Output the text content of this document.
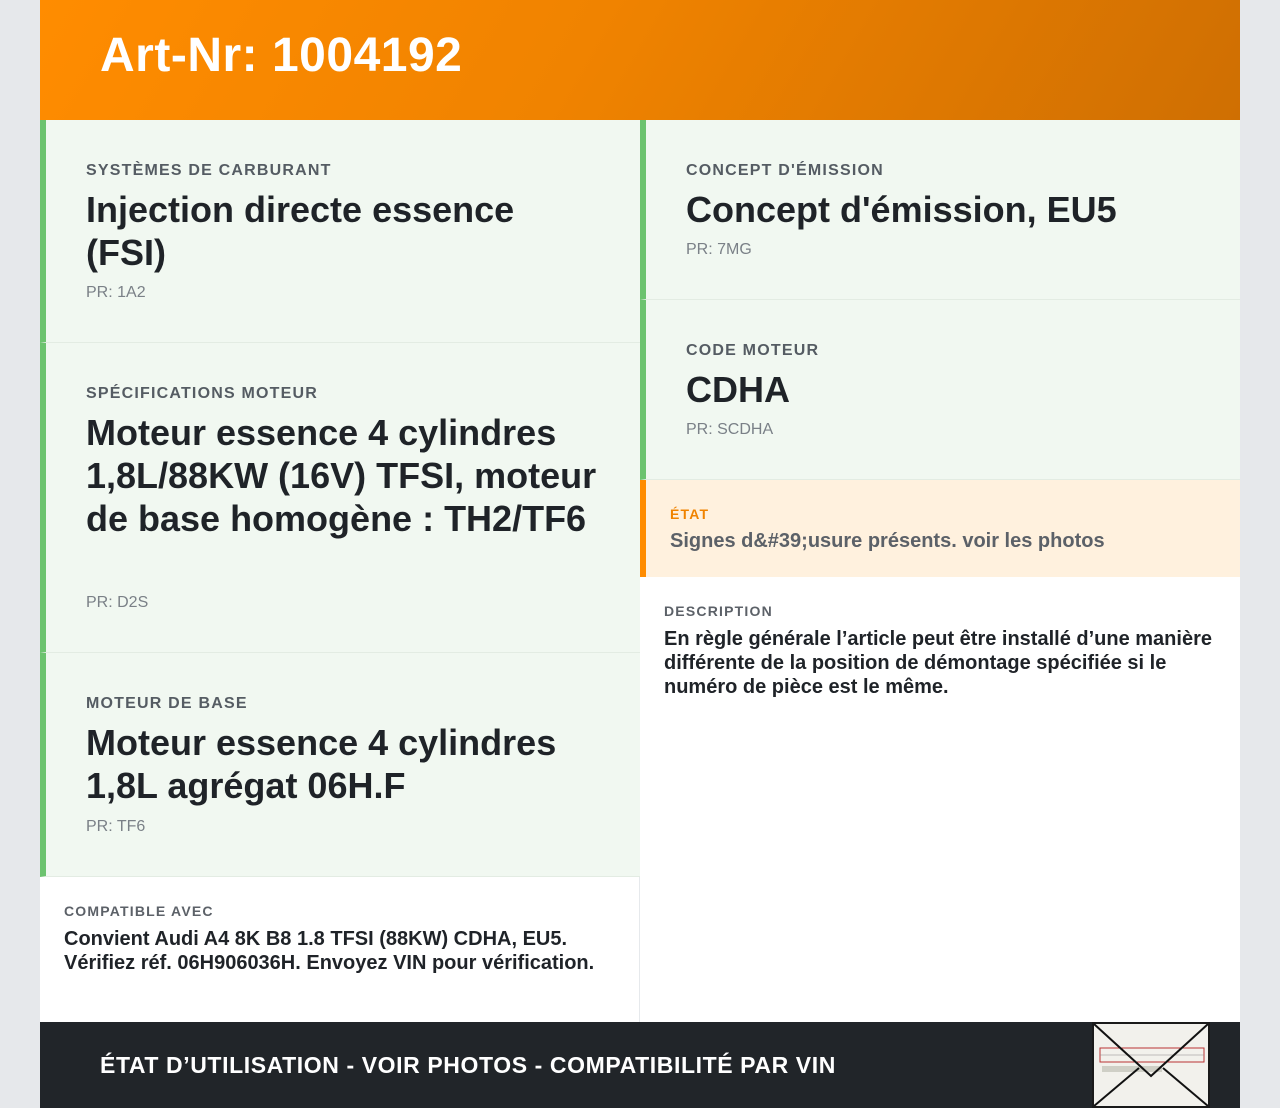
Art-Nr: 1004192
SYSTÈMES DE CARBURANT
Injection directe essence (FSI)
PR: 1A2
SPÉCIFICATIONS MOTEUR
Moteur essence 4 cylindres 1,8L/88KW (16V) TFSI, moteur de base homogène : TH2/TF6
PR: D2S
MOTEUR DE BASE
Moteur essence 4 cylindres 1,8L agrégat 06H.F
PR: TF6
COMPATIBLE AVEC
Convient Audi A4 8K B8 1.8 TFSI (88KW) CDHA, EU5. Vérifiez réf. 06H906036H. Envoyez VIN pour vérification.
CONCEPT D'ÉMISSION
Concept d'émission, EU5
PR: 7MG
CODE MOTEUR
CDHA
PR: SCDHA
ÉTAT
Signes d&#39;usure présents. voir les photos
DESCRIPTION
En règle générale l’article peut être installé d’une manière différente de la position de démontage spécifiée si le numéro de pièce est le même.
ÉTAT D’UTILISATION - VOIR PHOTOS - COMPATIBILITÉ PAR VIN
